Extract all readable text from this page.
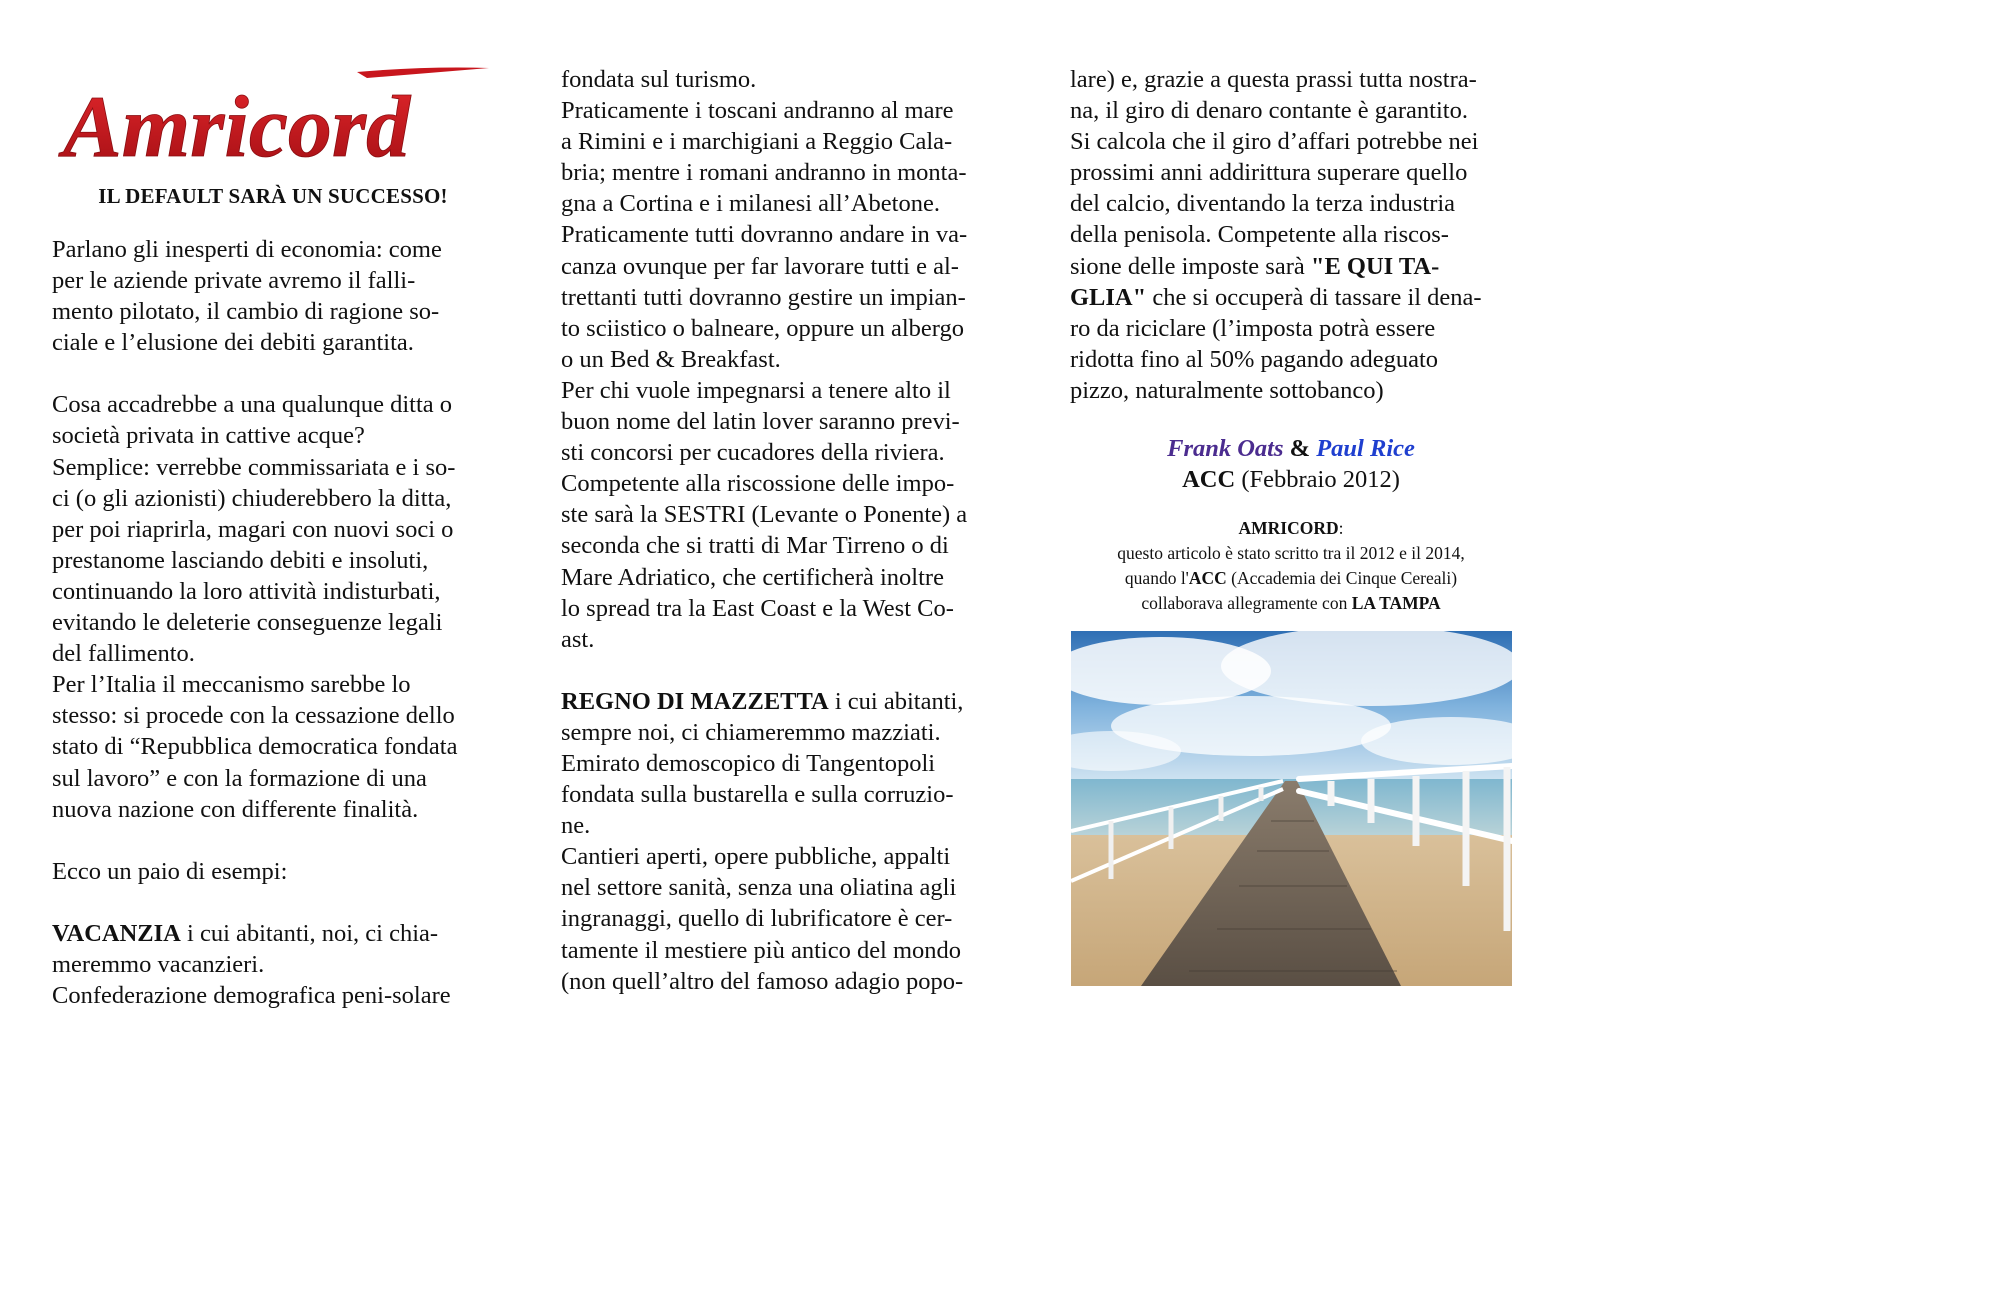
Amricord
IL DEFAULT SARÀ UN SUCCESSO!

Parlano gli inesperti di economia: come
per le aziende private avremo il falli-
mento pilotato, il cambio di ragione so-
ciale e l’elusione dei debiti garantita.

Cosa accadrebbe a una qualunque ditta o
società privata in cattive acque?
Semplice: verrebbe commissariata e i so-
ci (o gli azionisti) chiuderebbero la ditta,
per poi riaprirla, magari con nuovi soci o
prestanome lasciando debiti e insoluti,
continuando la loro attività indisturbati,
evitando le deleterie conseguenze legali
del fallimento.
Per l’Italia il meccanismo sarebbe lo
stesso: si procede con la cessazione dello
stato di “Repubblica democratica fondata
sul lavoro” e con la formazione di una
nuova nazione con differente finalità.

Ecco un paio di esempi:

VACANZIA i cui abitanti, noi, ci chia-
meremmo vacanzieri.
Confederazione demografica peni-solare

fondata sul turismo.
Praticamente i toscani andranno al mare
a Rimini e i marchigiani a Reggio Cala-
bria; mentre i romani andranno in monta-
gna a Cortina e i milanesi all’Abetone.
Praticamente tutti dovranno andare in va-
canza ovunque per far lavorare tutti e al-
trettanti tutti dovranno gestire un impian-
to sciistico o balneare, oppure un albergo
o un Bed & Breakfast.
Per chi vuole impegnarsi a tenere alto il
buon nome del latin lover saranno previ-
sti concorsi per cucadores della riviera.
Competente alla riscossione delle impo-
ste sarà la SESTRI (Levante o Ponente) a
seconda che si tratti di Mar Tirreno o di
Mare Adriatico, che certificherà inoltre
lo spread tra la East Coast e la West Co-
ast.

REGNO DI MAZZETTA i cui abitanti,
sempre noi, ci chiameremmo mazziati.
Emirato demoscopico di Tangentopoli
fondata sulla bustarella e sulla corruzio-
ne.
Cantieri aperti, opere pubbliche, appalti
nel settore sanità, senza una oliatina agli
ingranaggi, quello di lubrificatore è cer-
tamente il mestiere più antico del mondo
(non quell’altro del famoso adagio popo-

lare) e, grazie a questa prassi tutta nostra-
na, il giro di denaro contante è garantito.
Si calcola che il giro d’affari potrebbe nei
prossimi anni addirittura superare quello
del calcio, diventando la terza industria
della penisola. Competente alla riscos-
sione delle imposte sarà "E QUI TA-
GLIA" che si occuperà di tassare il dena-
ro da riciclare (l’imposta potrà essere
ridotta fino al 50% pagando adeguato
pizzo, naturalmente sottobanco)

Frank Oats & Paul Rice
ACC (Febbraio 2012)
AMRICORD:
questo articolo è stato scritto tra il 2012 e il 2014,
quando l'ACC (Accademia dei Cinque Cereali)
collaborava allegramente con LA TAMPA
